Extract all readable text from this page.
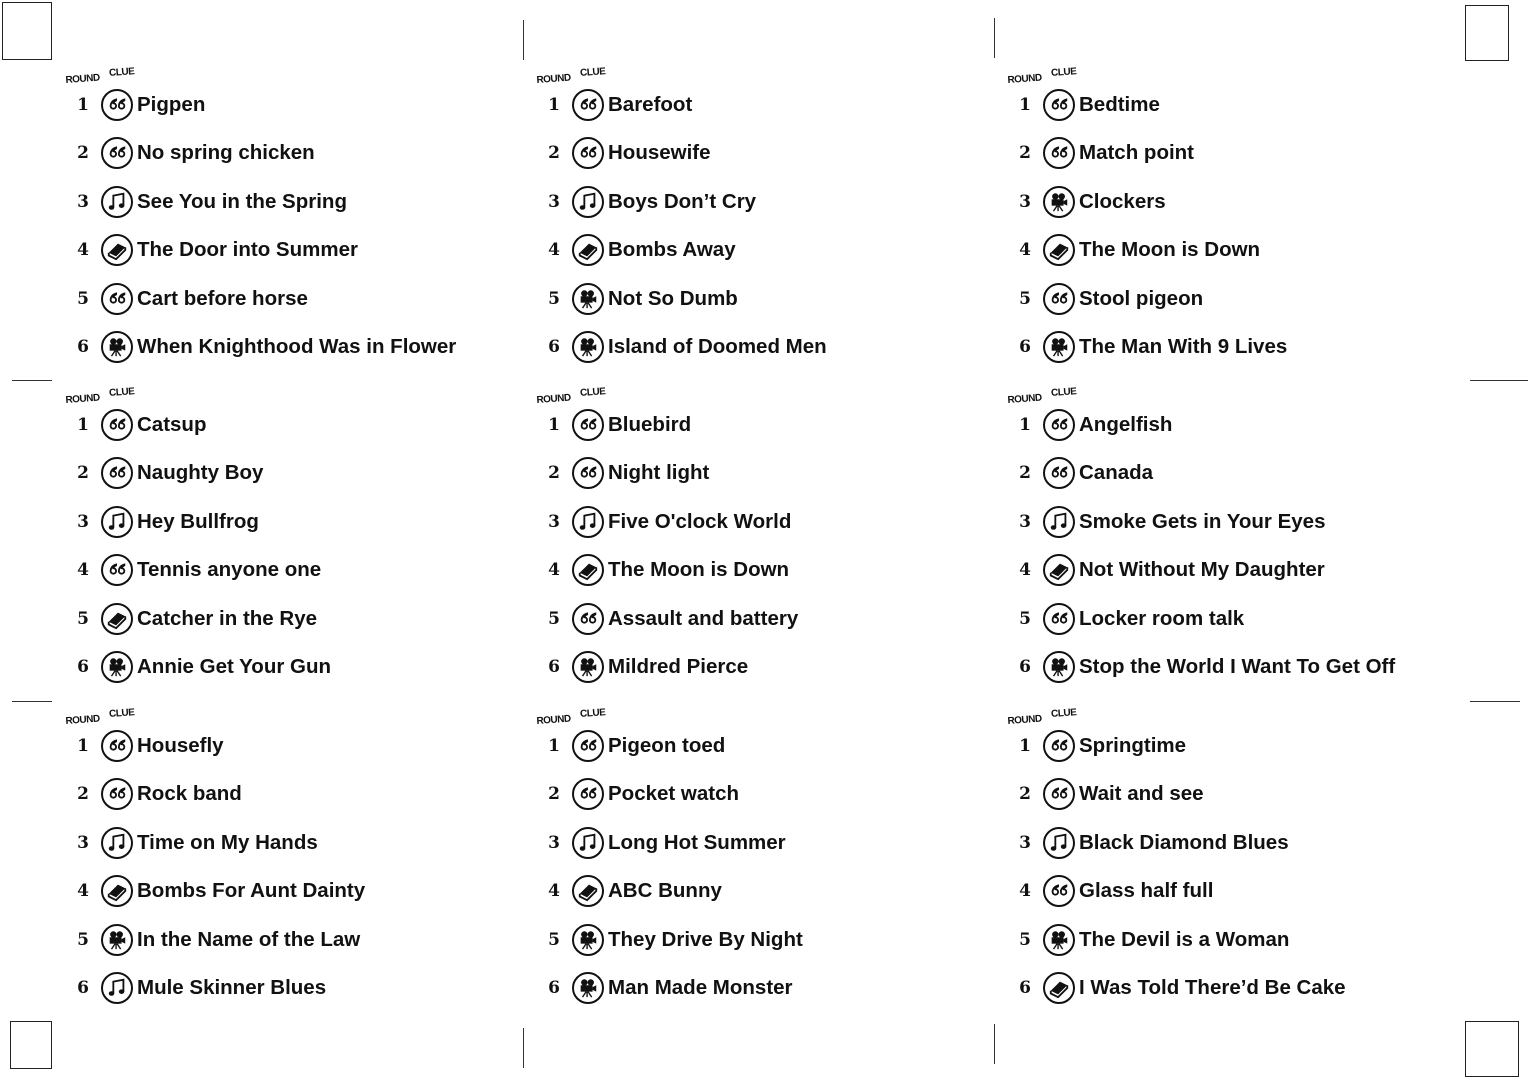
ROUND
CLUE
1	Pigpen
2	No spring chicken
3	See You in the Spring
4	The Door into Summer
5	Cart before horse
6	When Knighthood Was in Flower
ROUND
CLUE
1	Barefoot
2	Housewife
3	Boys Don’t Cry
4	Bombs Away
5	Not So Dumb
6	Island of Doomed Men
ROUND
CLUE
1	Bedtime
2	Match point
3	Clockers
4	The Moon is Down
5	Stool pigeon
6	The Man With 9 Lives
ROUND
CLUE
1	Catsup
2	Naughty Boy
3	Hey Bullfrog
4	Tennis anyone one
5	Catcher in the Rye
6	Annie Get Your Gun
ROUND
CLUE
1	Bluebird
2	Night light
3	Five O'clock World
4	The Moon is Down
5	Assault and battery
6	Mildred Pierce
ROUND
CLUE
1	Angelfish
2	Canada
3	Smoke Gets in Your Eyes
4	Not Without My Daughter
5	Locker room talk
6	Stop the World I Want To Get Off
ROUND
CLUE
1	Housefly
2	Rock band
3	Time on My Hands
4	Bombs For Aunt Dainty
5	In the Name of the Law
6	Mule Skinner Blues
ROUND
CLUE
1	Pigeon toed
2	Pocket watch
3	Long Hot Summer
4	ABC Bunny
5	They Drive By Night
6	Man Made Monster
ROUND
CLUE
1	Springtime
2	Wait and see
3	Black Diamond Blues
4	Glass half full
5	The Devil is a Woman
6	I Was Told There’d Be Cake
